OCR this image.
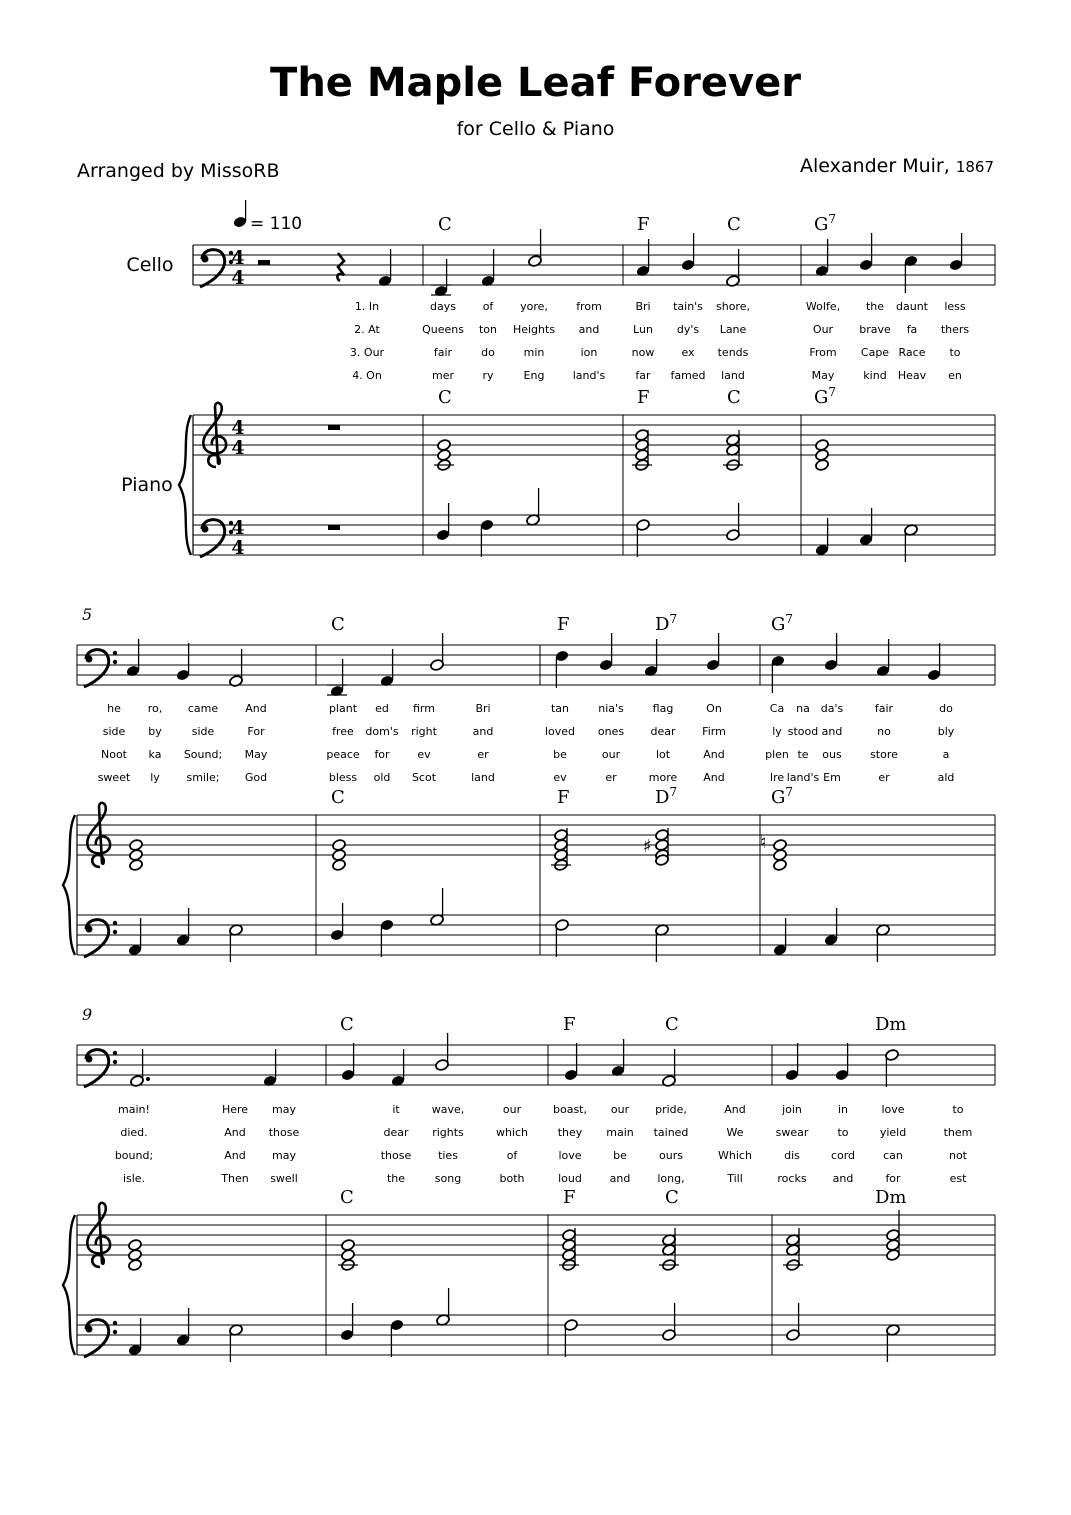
The Maple Leaf Forever
for Cello & Piano
Arranged by MissoRB	Alexander Muir, 1867
♯	♮
4
4
4
4
4
4
Cello
Piano
= 110	C	F	C	$G^7$
C	F	C	$G^7$
1. In	days of yore,	from	Bri tain's shore,	Wolfe, the daunt less
2. At	Queens ton Heights and	Lun dy's Lane	Our brave fa thers
3. Our	fair	do	min	ion	now ex tends	From Cape Race to
4. On	mer	ry	Eng	land's	far famed land	May	kind Heav en
5	C	F	$D^7$	$G^7$
C	F	$D^7$	$G^7$
he ro, came And	plant ed firm	Bri	tan	nia's	flag	On	Ca na da's	fair	do
side by	side	For	free dom's right	and	loved ones dear Firm	ly stood and	no	bly
Noot ka Sound; May	peace for	ev	er	be	our	lot	And	plen te ous	store	a
sweet ly smile; God	bless old Scot	land	ev	er	more And	Ire land's Em	er	ald
9	C	F	C	Dm
C	F	C	Dm
main!	Here may	it	wave,	our	boast, our pride,	And	join	in	love	to
died.	And those	dear rights	which	they main tained	We	swear	to	yield	them
bound;	And may	those ties	of	love	be	ours	Which	dis	cord	can	not
isle.	Then swell	the	song	both	loud	and long,	Till	rocks and	for	est
